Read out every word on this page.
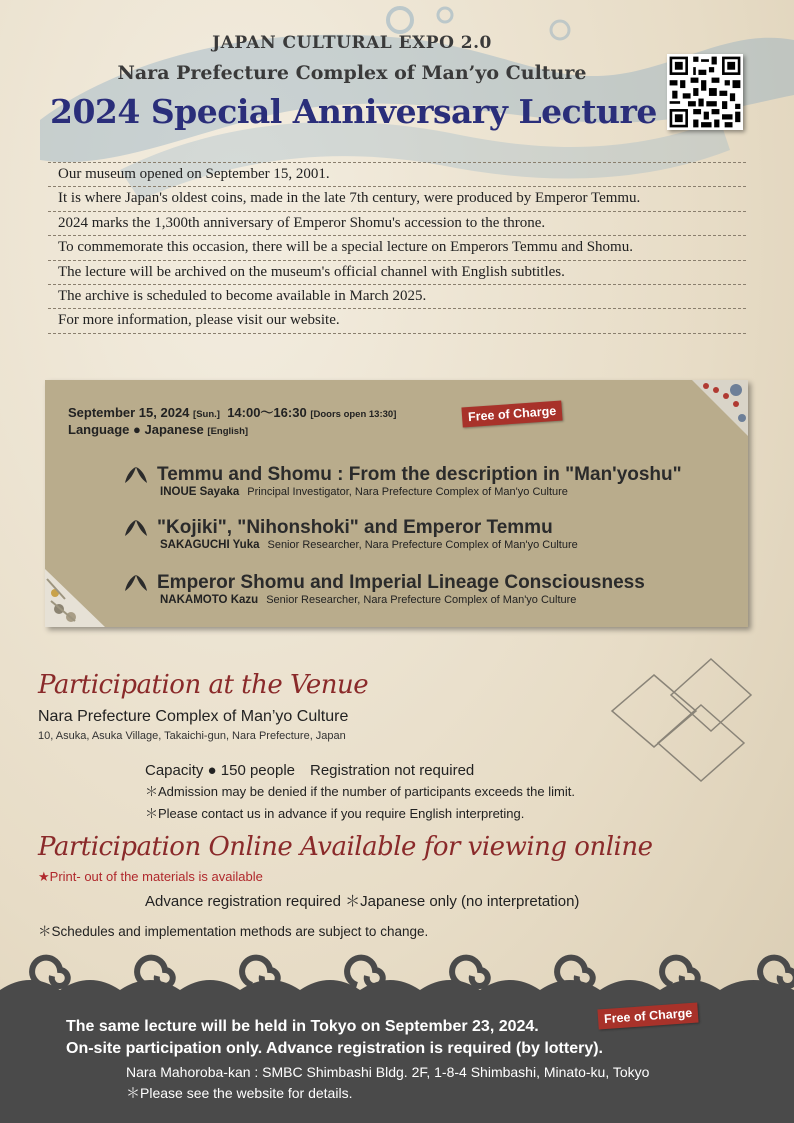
JAPAN CULTURAL EXPO 2.0
Nara Prefecture Complex of Man’yo Culture
2024 Special Anniversary Lecture
Our museum opened on September 15, 2001.
It is where Japan's oldest coins, made in the late 7th century, were produced by Emperor Temmu.
2024 marks the 1,300th anniversary of Emperor Shomu's accession to the throne.
To commemorate this occasion, there will be a special lecture on Emperors Temmu and Shomu.
The lecture will be archived on the museum's official channel with English subtitles.
The archive is scheduled to become available in March 2025.
For more information, please visit our website.
September 15, 2024 [Sun.] 14:00～16:30 [Doors open 13:30]
Language ● Japanese [English]
Free of Charge
Temmu and Shomu : From the description in "Man'yoshu"
INOUE Sayaka Principal Investigator, Nara Prefecture Complex of Man'yo Culture
"Kojiki", "Nihonshoki" and Emperor Temmu
SAKAGUCHI Yuka Senior Researcher, Nara Prefecture Complex of Man'yo Culture
Emperor Shomu and Imperial Lineage Consciousness
NAKAMOTO Kazu Senior Researcher, Nara Prefecture Complex of Man'yo Culture
Participation at the Venue
Nara Prefecture Complex of Man’yo Culture
10, Asuka, Asuka Village, Takaichi-gun, Nara Prefecture, Japan
Capacity ● 150 people　Registration not required
＊Admission may be denied if the number of participants exceeds the limit.
＊Please contact us in advance if you require English interpreting.
Participation Online Available for viewing online
★Print- out of the materials is available
Advance registration required ＊Japanese only (no interpretation)
＊Schedules and implementation methods are subject to change.
The same lecture will be held in Tokyo on September 23, 2024.
On-site participation only. Advance registration is required (by lottery).
Nara Mahoroba-kan : SMBC Shimbashi Bldg. 2F, 1-8-4 Shimbashi, Minato-ku, Tokyo
＊Please see the website for details.
Free of Charge
